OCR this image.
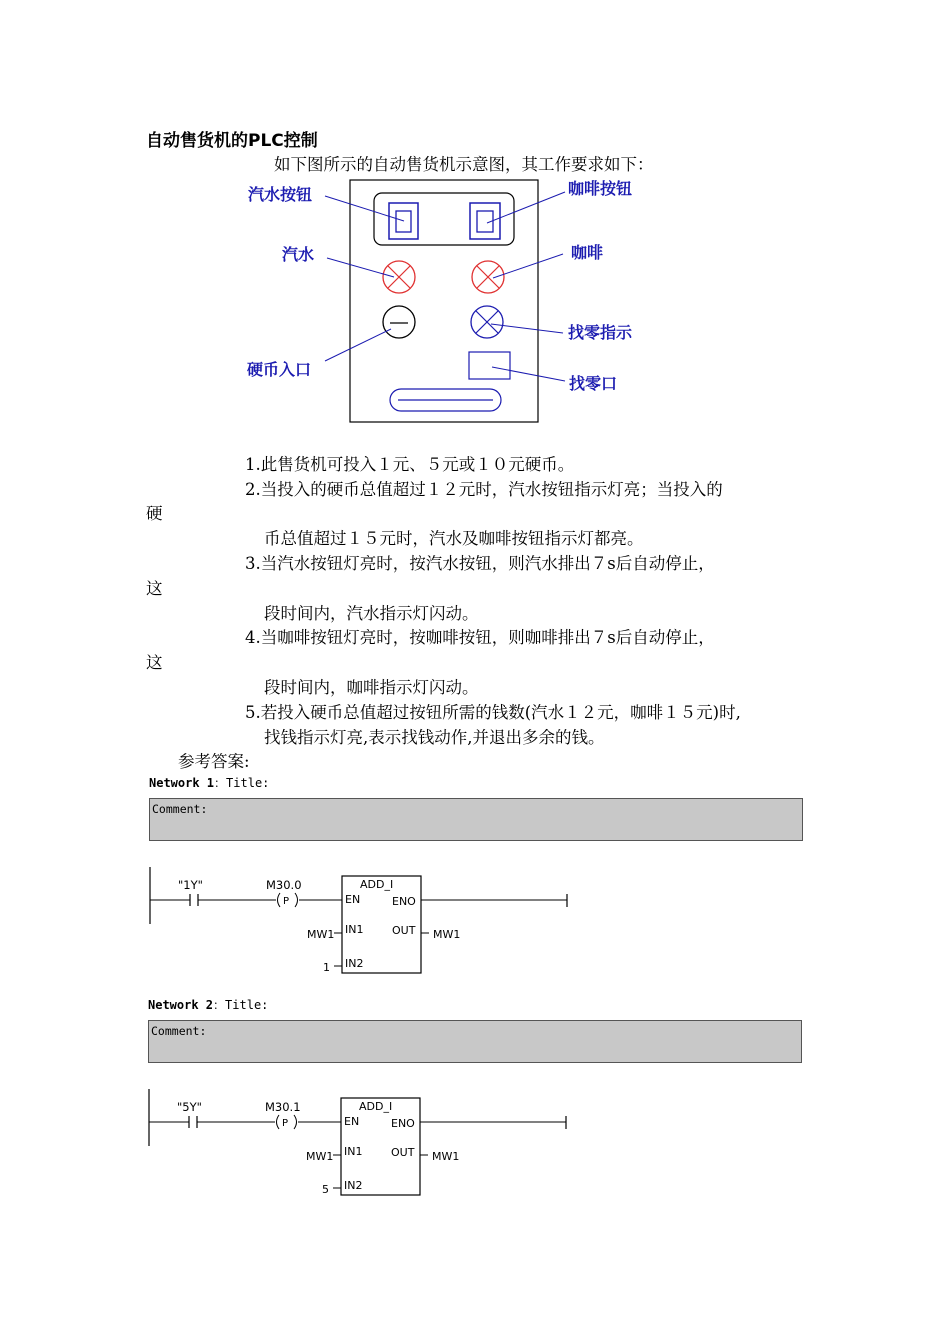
自动售货机的PLC控制
如下图所示的自动售货机示意图，其工作要求如下：
汽水按钮	咖啡按钮
汽水	咖啡
找零指示
硬币入口
找零口
1.此售货机可投入１元、５元或１０元硬币。
2.当投入的硬币总值超过１２元时，汽水按钮指示灯亮；当投入的
硬
币总值超过１５元时，汽水及咖啡按钮指示灯都亮。
3.当汽水按钮灯亮时，按汽水按钮，则汽水排出７s后自动停止，
这
段时间内，汽水指示灯闪动。
4.当咖啡按钮灯亮时，按咖啡按钮，则咖啡排出７s后自动停止，
这
段时间内，咖啡指示灯闪动。
5.若投入硬币总值超过按钮所需的钱数(汽水１２元，咖啡１５元)时,
找钱指示灯亮,表示找钱动作,并退出多余的钱。
参考答案:
Network 1：Title:
Comment:
P
"1Y"	M30.0	ADD_I
EN	ENO
IN1	OUT
IN2
MW1
1
MW1
Network 2：Title:
Comment:
P
"5Y"	M30.1	ADD_I
EN	ENO
IN1	OUT
IN2
MW1
5
MW1
